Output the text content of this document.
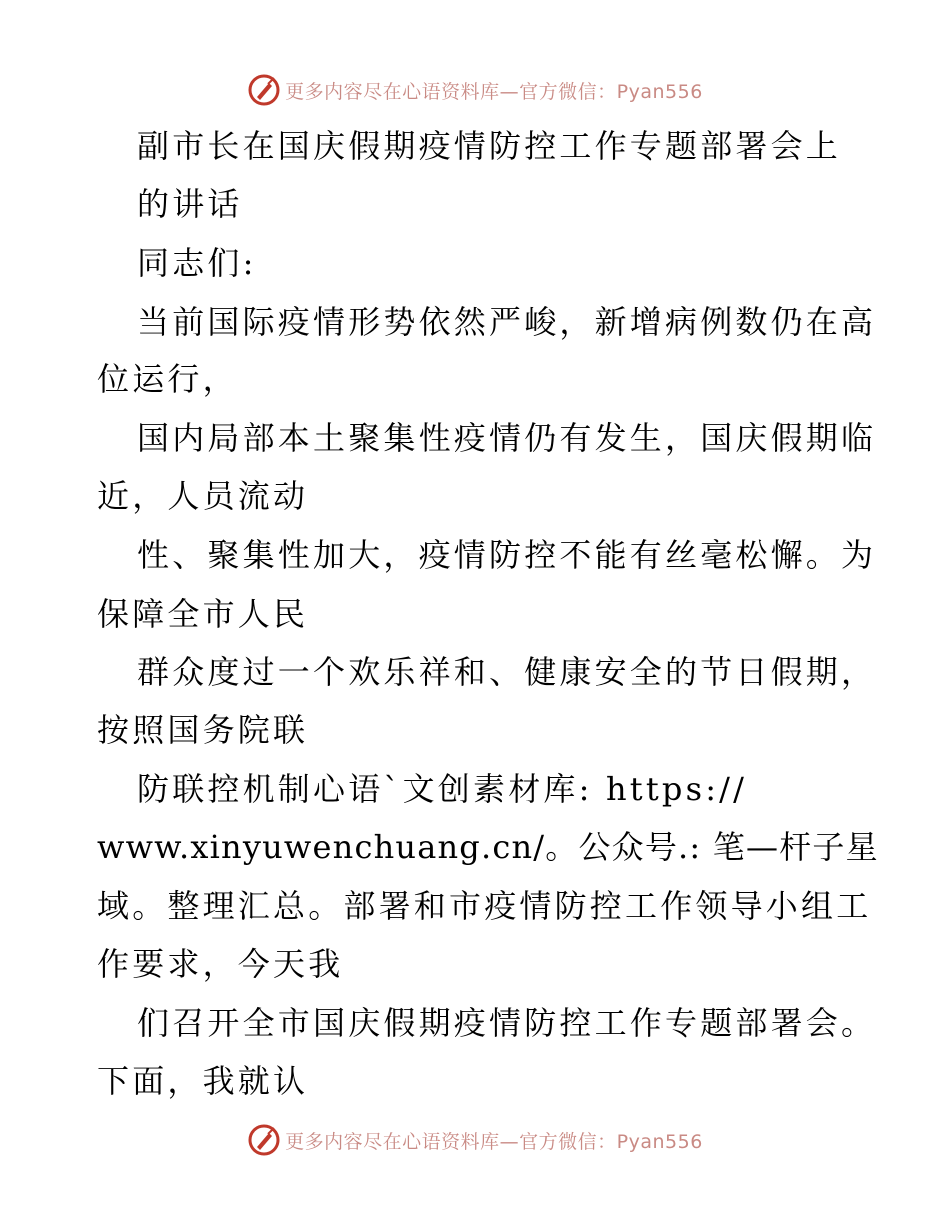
更多内容尽在心语资料库—官方微信：Pyan556
副市长在国庆假期疫情防控工作专题部署会上
的讲话
同志们:
当前国际疫情形势依然严峻，新增病例数仍在高
位运行，
国内局部本土聚集性疫情仍有发生，国庆假期临
近，人员流动
性、聚集性加大，疫情防控不能有丝毫松懈。为
保障全市人民
群众度过一个欢乐祥和、健康安全的节日假期，
按照国务院联
防联控机制心语`文创素材库: https://
www.xinyuwenchuang.cn/。公众号.: 笔—杆子星
域。整理汇总。部署和市疫情防控工作领导小组工
作要求，今天我
们召开全市国庆假期疫情防控工作专题部署会。
下面，我就认
更多内容尽在心语资料库—官方微信：Pyan556
